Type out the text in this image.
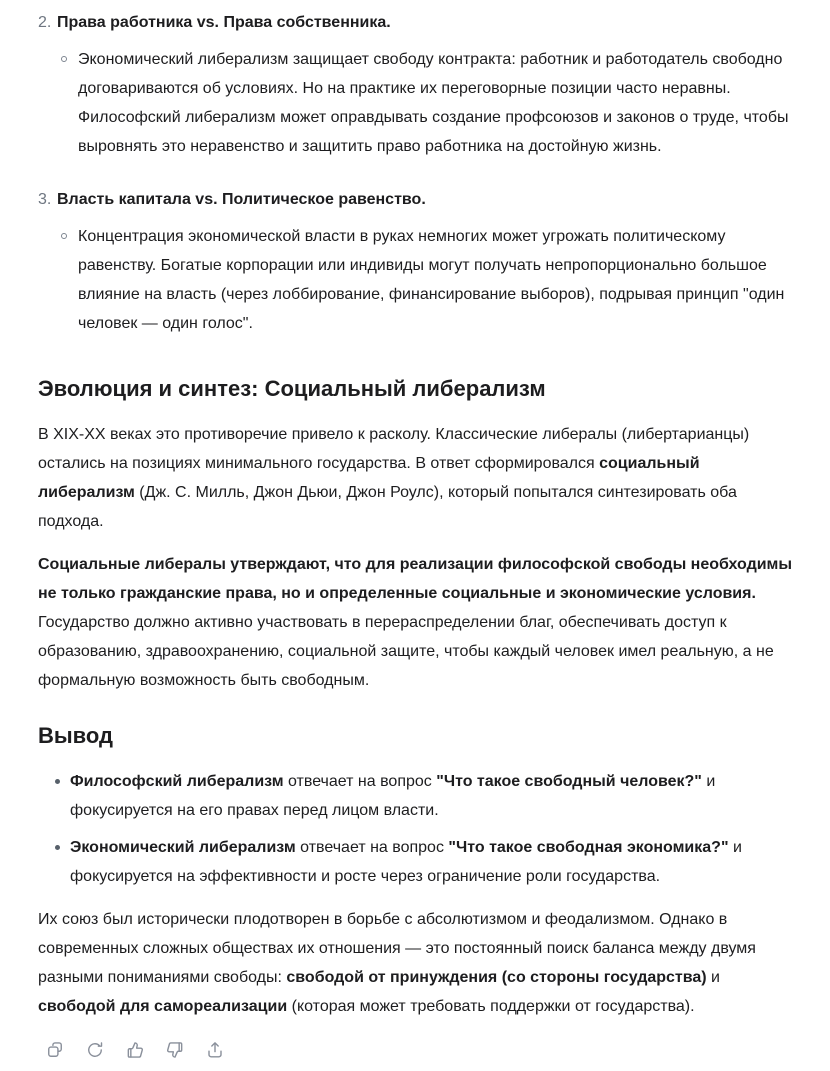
2. Права работника vs. Права собственника.
Экономический либерализм защищает свободу контракта: работник и работодатель свободно договариваются об условиях. Но на практике их переговорные позиции часто неравны. Философский либерализм может оправдывать создание профсоюзов и законов о труде, чтобы выровнять это неравенство и защитить право работника на достойную жизнь.
3. Власть капитала vs. Политическое равенство.
Концентрация экономической власти в руках немногих может угрожать политическому равенству. Богатые корпорации или индивиды могут получать непропорционально большое влияние на власть (через лоббирование, финансирование выборов), подрывая принцип "один человек — один голос".
Эволюция и синтез: Социальный либерализм

В XIX-XX веках это противоречие привело к расколу. Классические либералы (либертарианцы) остались на позициях минимального государства. В ответ сформировался социальный либерализм (Дж. С. Милль, Джон Дьюи, Джон Роулс), который попытался синтезировать оба подхода.

Социальные либералы утверждают, что для реализации философской свободы необходимы не только гражданские права, но и определенные социальные и экономические условия. Государство должно активно участвовать в перераспределении благ, обеспечивать доступ к образованию, здравоохранению, социальной защите, чтобы каждый человек имел реальную, а не формальную возможность быть свободным.

Вывод
Философский либерализм отвечает на вопрос "Что такое свободный человек?" и фокусируется на его правах перед лицом власти.
Экономический либерализм отвечает на вопрос "Что такое свободная экономика?" и фокусируется на эффективности и росте через ограничение роли государства.

Их союз был исторически плодотворен в борьбе с абсолютизмом и феодализмом. Однако в современных сложных обществах их отношения — это постоянный поиск баланса между двумя разными пониманиями свободы: свободой от принуждения (со стороны государства) и свободой для самореализации (которая может требовать поддержки от государства).
